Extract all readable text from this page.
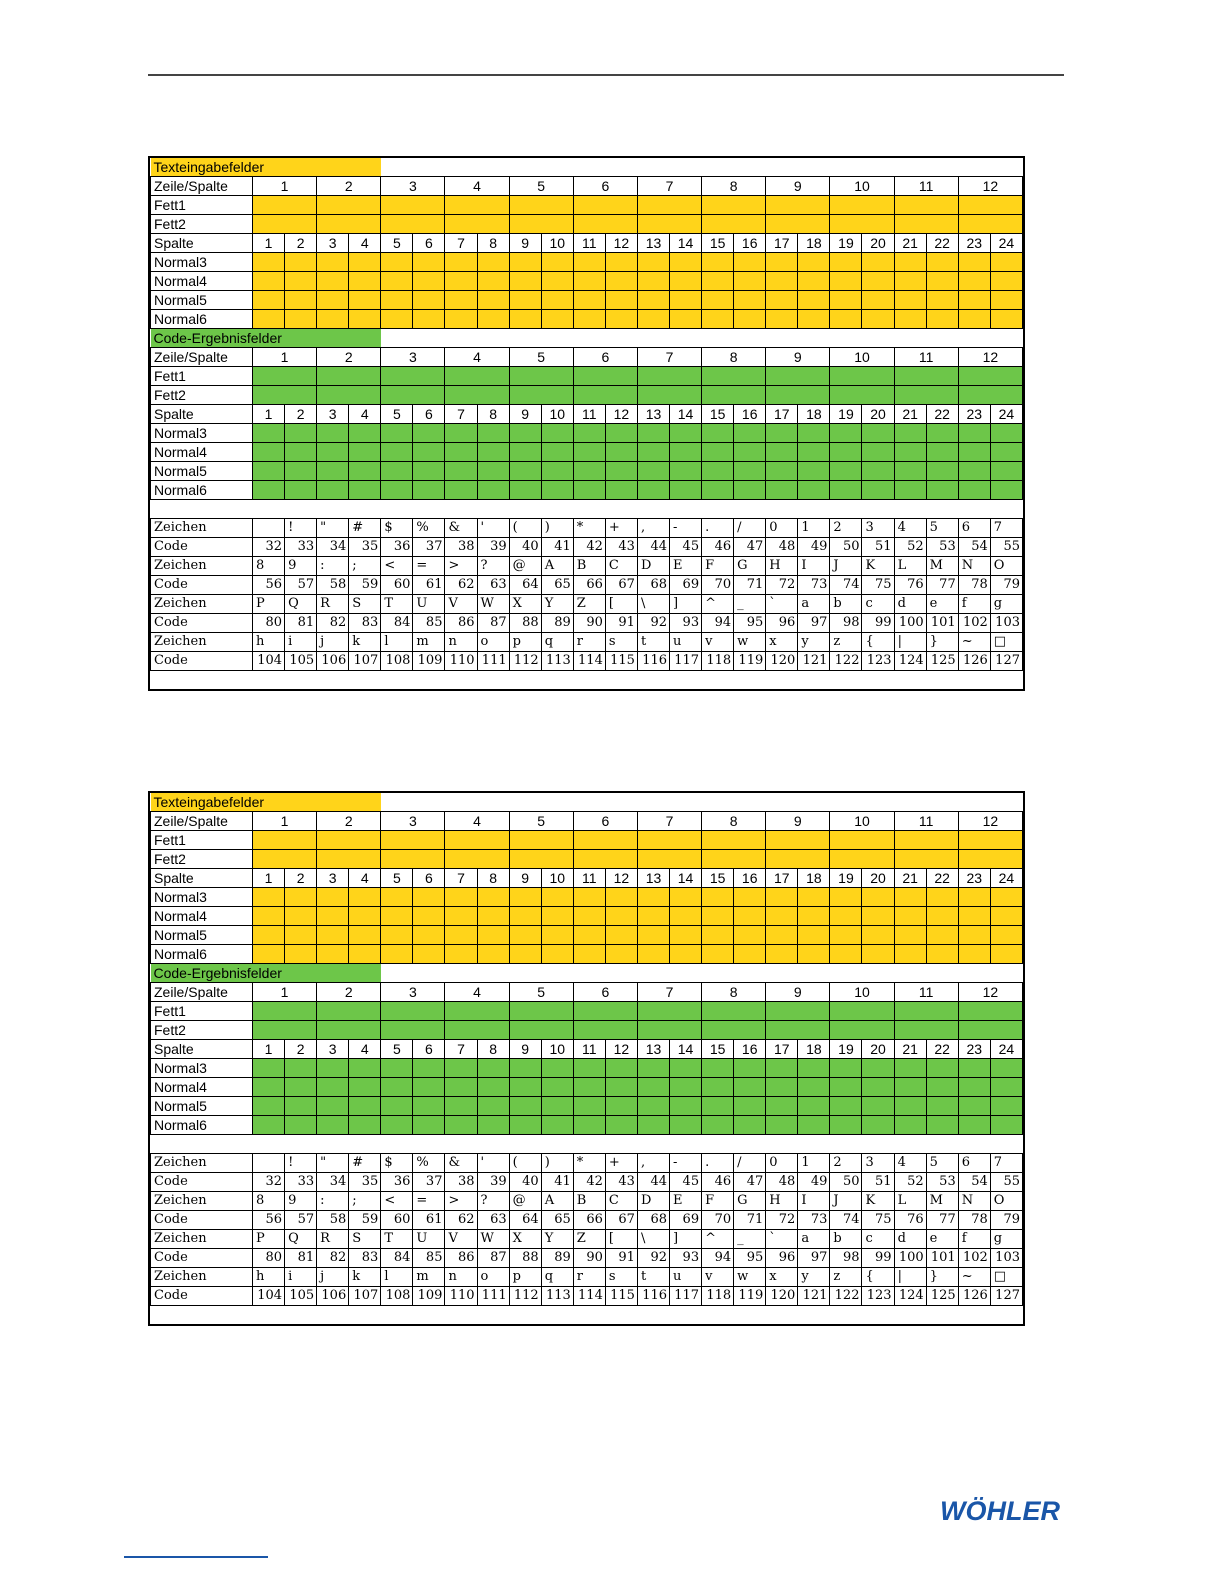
Texteingabefelder																								
Zeile/Spalte	1		2		3		4		5		6		7		8		9		10		11		12	
Fett1																								
Fett2																								
Spalte	1	2	3	4	5	6	7	8	9	10	11	12	13	14	15	16	17	18	19	20	21	22	23	24
Normal3																								
Normal4																								
Normal5																								
Normal6																								
Code-Ergebnisfelder																								
Zeile/Spalte	1		2		3		4		5		6		7		8		9		10		11		12	
Fett1																								
Fett2																								
Spalte	1	2	3	4	5	6	7	8	9	10	11	12	13	14	15	16	17	18	19	20	21	22	23	24
Normal3																								
Normal4																								
Normal5																								
Normal6																								

Zeichen		!	"	#	$	%	&	'	(	)	*	+	,	-	.	/	0	1	2	3	4	5	6	7
Code	32	33	34	35	36	37	38	39	40	41	42	43	44	45	46	47	48	49	50	51	52	53	54	55
Zeichen	8	9	:	;	<	=	>	?	@	A	B	C	D	E	F	G	H	I	J	K	L	M	N	O
Code	56	57	58	59	60	61	62	63	64	65	66	67	68	69	70	71	72	73	74	75	76	77	78	79
Zeichen	P	Q	R	S	T	U	V	W	X	Y	Z	[	\	]	^	_	`	a	b	c	d	e	f	g
Code	80	81	82	83	84	85	86	87	88	89	90	91	92	93	94	95	96	97	98	99	100	101	102	103
Zeichen	h	i	j	k	l	m	n	o	p	q	r	s	t	u	v	w	x	y	z	{	|	}	~	□
Code	104	105	106	107	108	109	110	111	112	113	114	115	116	117	118	119	120	121	122	123	124	125	126	127

Texteingabefelder																								
Zeile/Spalte	1		2		3		4		5		6		7		8		9		10		11		12	
Fett1																								
Fett2																								
Spalte	1	2	3	4	5	6	7	8	9	10	11	12	13	14	15	16	17	18	19	20	21	22	23	24
Normal3																								
Normal4																								
Normal5																								
Normal6																								
Code-Ergebnisfelder																								
Zeile/Spalte	1		2		3		4		5		6		7		8		9		10		11		12	
Fett1																								
Fett2																								
Spalte	1	2	3	4	5	6	7	8	9	10	11	12	13	14	15	16	17	18	19	20	21	22	23	24
Normal3																								
Normal4																								
Normal5																								
Normal6																								

Zeichen		!	"	#	$	%	&	'	(	)	*	+	,	-	.	/	0	1	2	3	4	5	6	7
Code	32	33	34	35	36	37	38	39	40	41	42	43	44	45	46	47	48	49	50	51	52	53	54	55
Zeichen	8	9	:	;	<	=	>	?	@	A	B	C	D	E	F	G	H	I	J	K	L	M	N	O
Code	56	57	58	59	60	61	62	63	64	65	66	67	68	69	70	71	72	73	74	75	76	77	78	79
Zeichen	P	Q	R	S	T	U	V	W	X	Y	Z	[	\	]	^	_	`	a	b	c	d	e	f	g
Code	80	81	82	83	84	85	86	87	88	89	90	91	92	93	94	95	96	97	98	99	100	101	102	103
Zeichen	h	i	j	k	l	m	n	o	p	q	r	s	t	u	v	w	x	y	z	{	|	}	~	□
Code	104	105	106	107	108	109	110	111	112	113	114	115	116	117	118	119	120	121	122	123	124	125	126	127

WÖHLER
